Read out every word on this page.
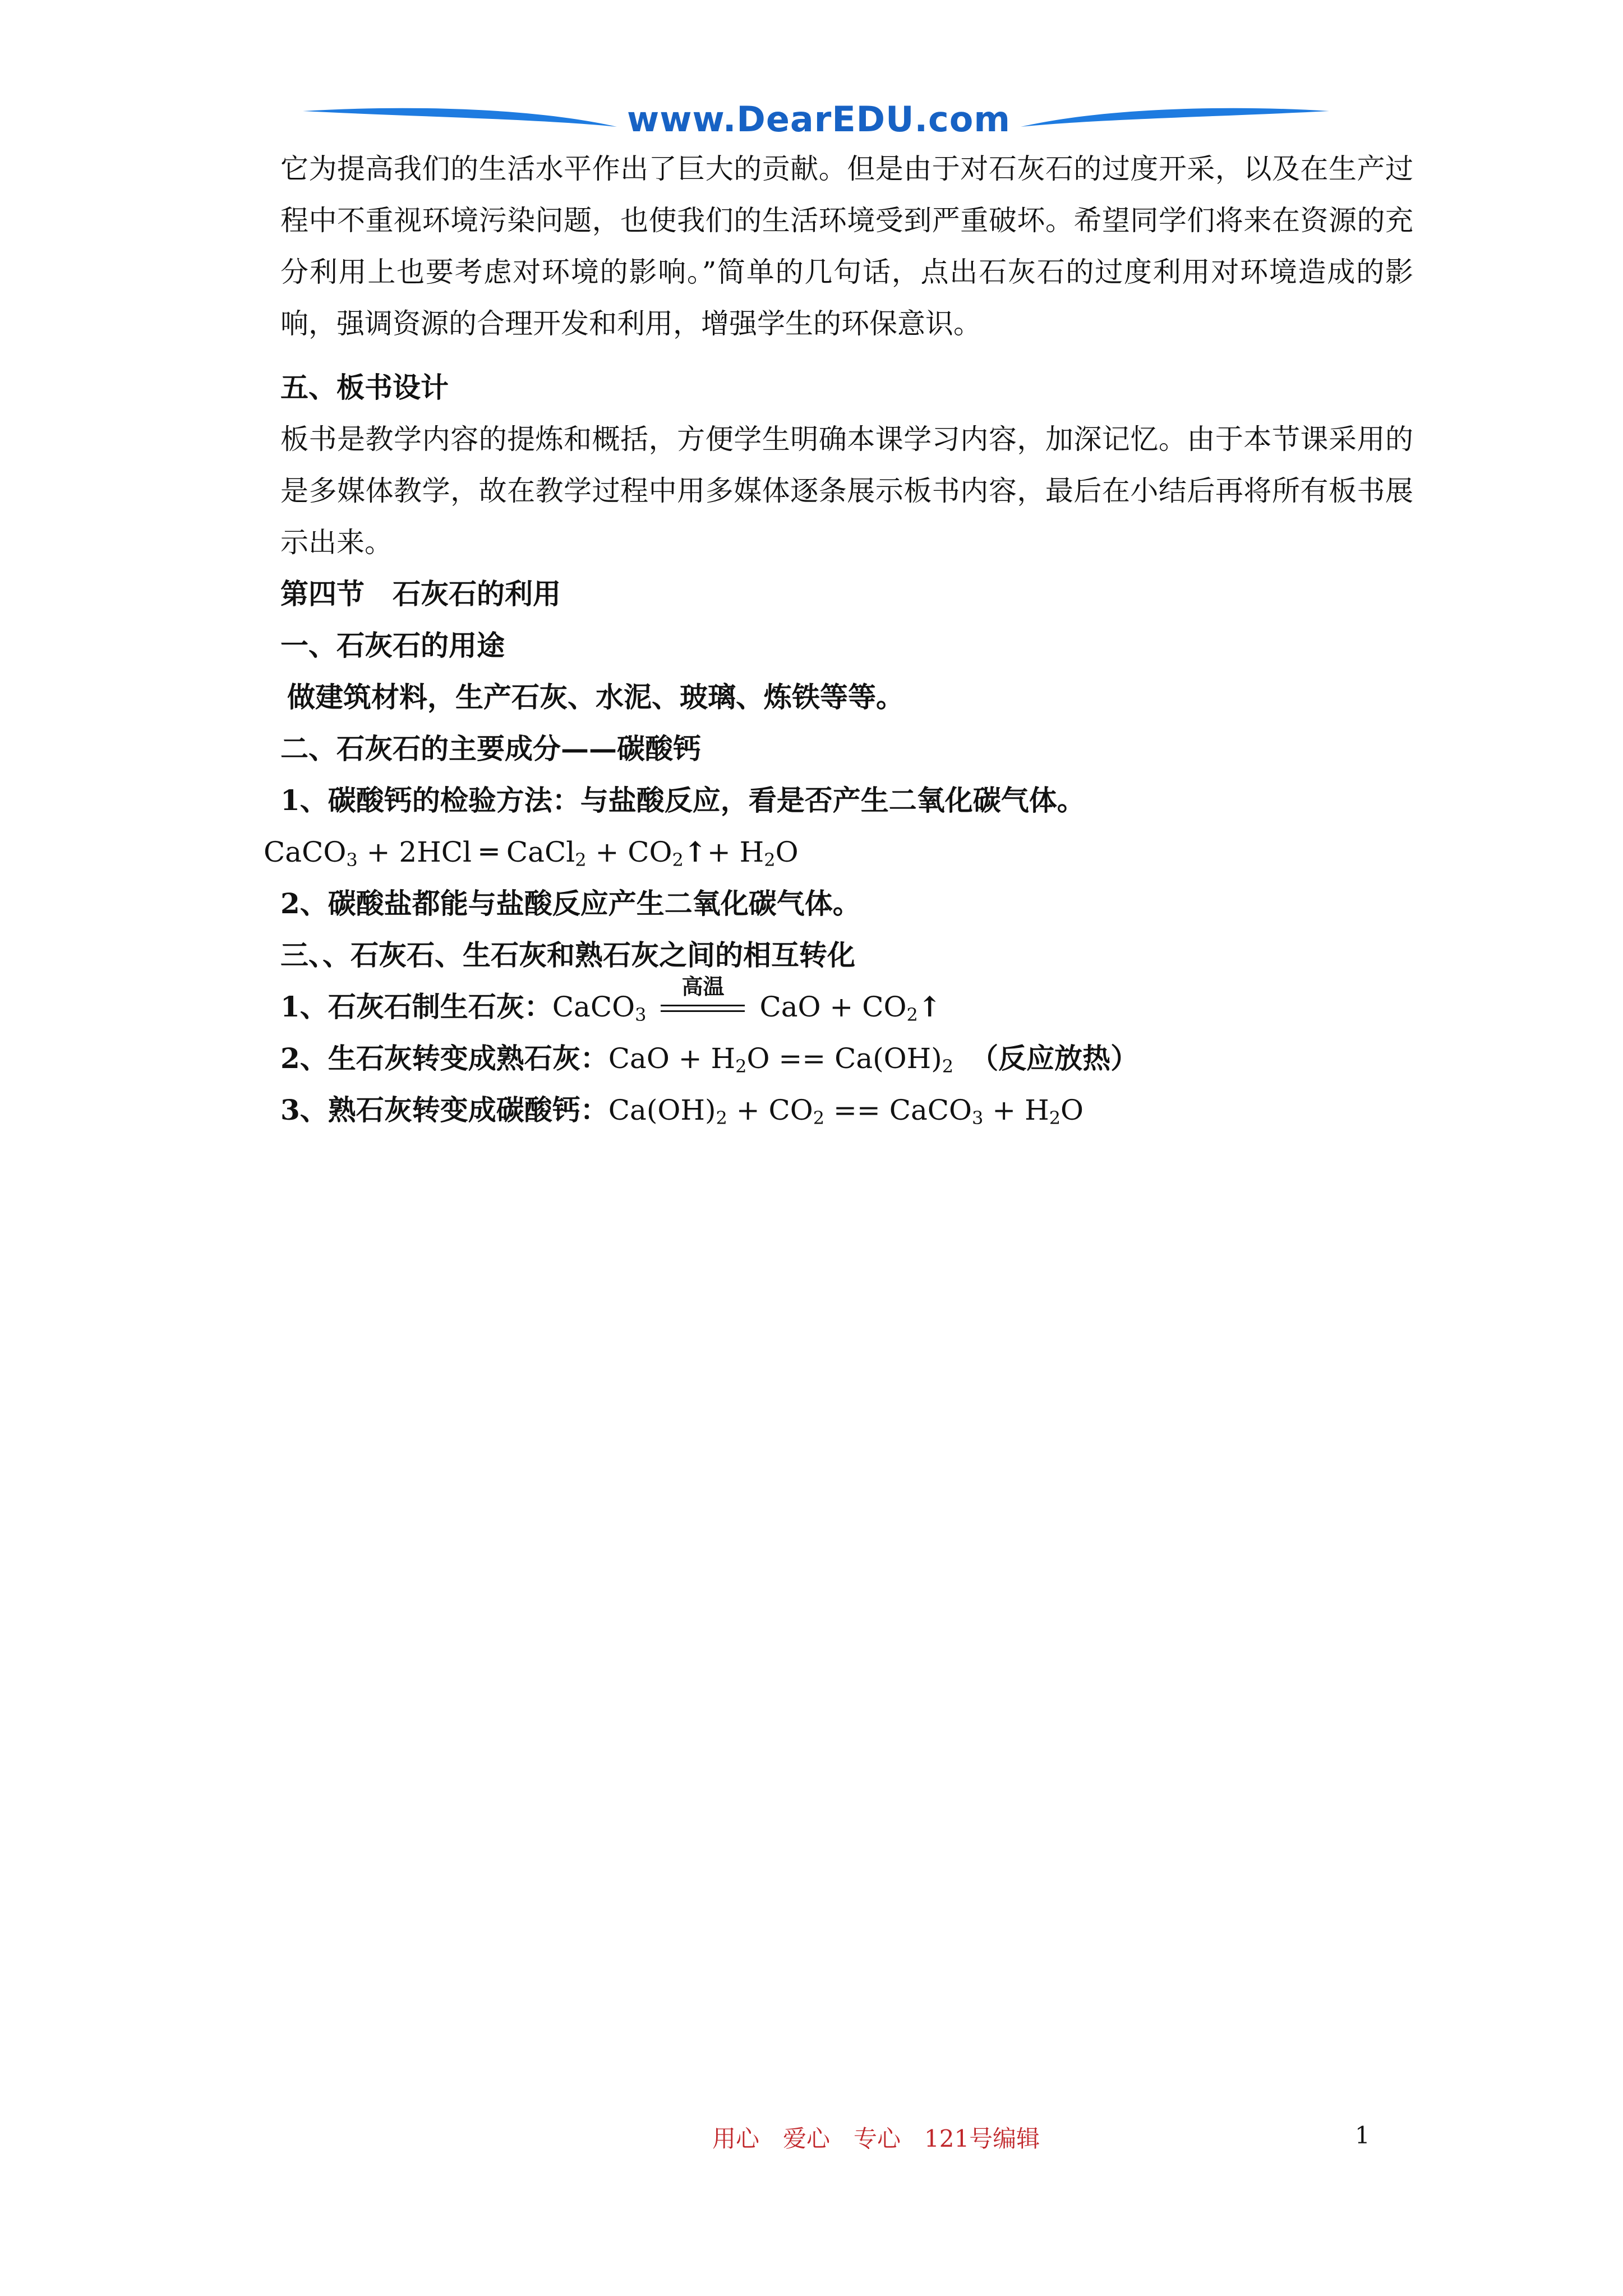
www.DearEDU.com
它为提高我们的生活水平作出了巨大的贡献。但是由于对石灰石的过度开采，以及在生产过程中不重视环境污染问题，也使我们的生活环境受到严重破坏。希望同学们将来在资源的充分利用上也要考虑对环境的影响。”简单的几句话，点出石灰石的过度利用对环境造成的影响，强调资源的合理开发和利用，增强学生的环保意识。
五、板书设计
板书是教学内容的提炼和概括，方便学生明确本课学习内容，加深记忆。由于本节课采用的是多媒体教学，故在教学过程中用多媒体逐条展示板书内容，最后在小结后再将所有板书展示出来。
第四节　石灰石的利用
一、石灰石的用途
做建筑材料，生产石灰、水泥、玻璃、炼铁等等。
二、石灰石的主要成分——碳酸钙
1、碳酸钙的检验方法：与盐酸反应，看是否产生二氧化碳气体。
CaCO$_3$ + 2HCl ═ CaCl$_2$ + $CO_2↑+ H_2O$
2、碳酸盐都能与盐酸反应产生二氧化碳气体。
三、、石灰石、生石灰和熟石灰之间的相互转化
1、石灰石制生石灰：CaCO$_3$
高温
CaO + $CO_2↑$
2、生石灰转变成熟石灰：CaO + $H_2O == Ca(OH)_2$ （反应放热）
3、熟石灰转变成碳酸钙：$Ca(OH)_2 + CO_2$ == CaCO$_3$ + $H_2O$
用心　爱心　专心　121号编辑	1
